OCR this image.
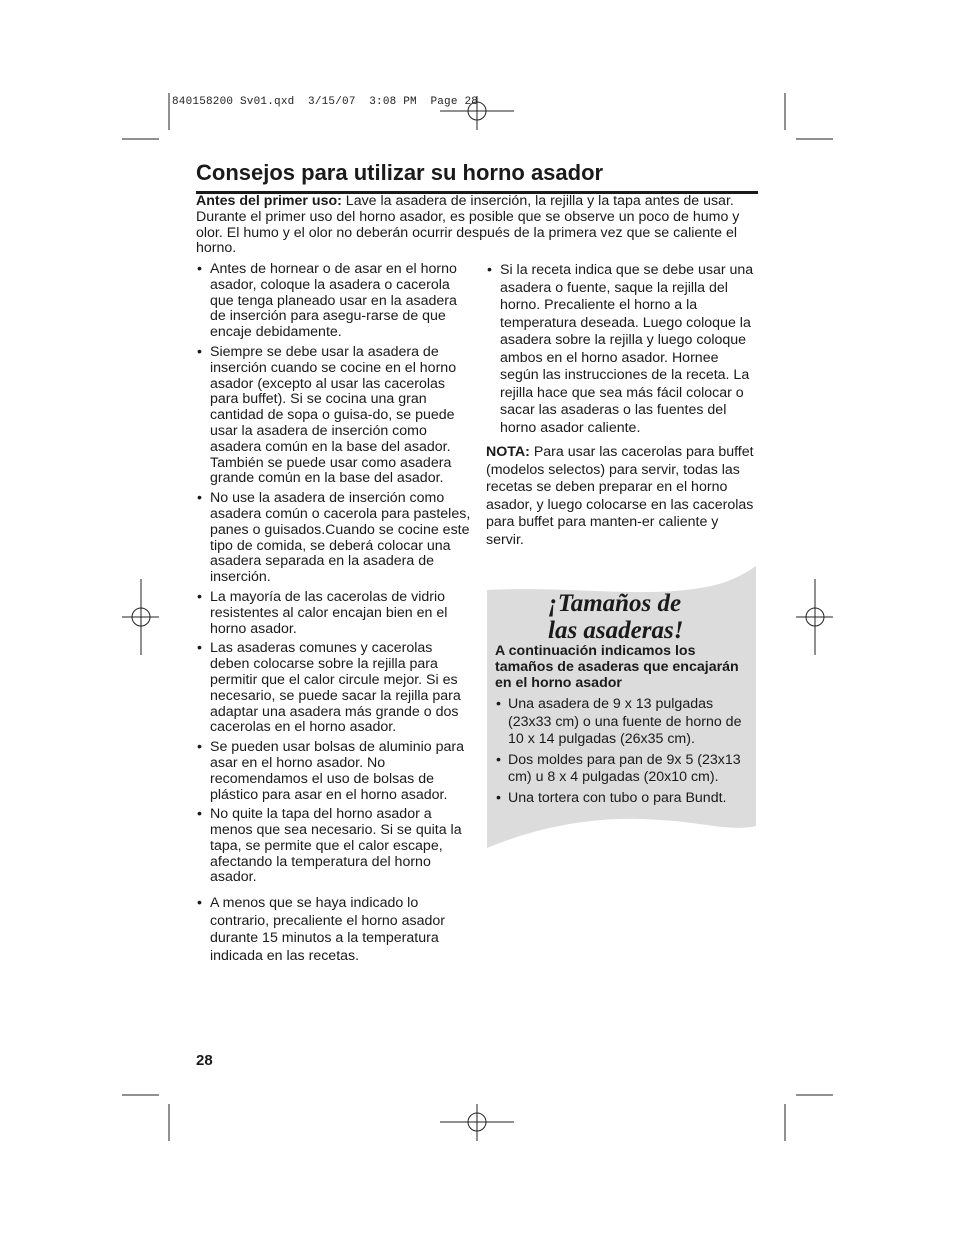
840158200 Sv01.qxd  3/15/07  3:08 PM  Page 28
Consejos para utilizar su horno asador

Antes del primer uso: Lave la asadera de inserción, la rejilla y la tapa antes de usar. Durante el primer uso del horno asador, es posible que se observe un poco de humo y olor. El humo y el olor no deberán ocurrir después de la primera vez que se caliente el horno.

• Antes de hornear o de asar en el horno asador, coloque la asadera o cacerola que tenga planeado usar en la asadera de inserción para asegu-rarse de que encaje debidamente.
• Siempre se debe usar la asadera de inserción cuando se cocine en el horno asador (excepto al usar las cacerolas para buffet). Si se cocina una gran cantidad de sopa o guisa-do, se puede usar la asadera de inserción como asadera común en la base del asador. También se puede usar como asadera grande común en la base del asador.
• No use la asadera de inserción como asadera común o cacerola para pasteles, panes o guisados.Cuando se cocine este tipo de comida, se deberá colocar una asadera separada en la asadera de inserción.
• La mayoría de las cacerolas de vidrio resistentes al calor encajan bien en el horno asador.
• Las asaderas comunes y cacerolas deben colocarse sobre la rejilla para permitir que el calor circule mejor. Si es necesario, se puede sacar la rejilla para adaptar una asadera más grande o dos cacerolas en el horno asador.
• Se pueden usar bolsas de aluminio para asar en el horno asador. No recomendamos el uso de bolsas de plástico para asar en el horno asador.
• No quite la tapa del horno asador a menos que sea necesario. Si se quita la tapa, se permite que el calor escape, afectando la temperatura del horno asador.
• A menos que se haya indicado lo contrario, precaliente el horno asador durante 15 minutos a la temperatura indicada en las recetas.
• Si la receta indica que se debe usar una asadera o fuente, saque la rejilla del horno. Precaliente el horno a la temperatura deseada. Luego coloque la asadera sobre la rejilla y luego coloque ambos en el horno asador. Hornee según las instrucciones de la receta. La rejilla hace que sea más fácil colocar o sacar las asaderas o las fuentes del horno asador caliente.

NOTA: Para usar las cacerolas para buffet (modelos selectos) para servir, todas las recetas se deben preparar en el horno asador, y luego colocarse en las cacerolas para buffet para manten-er caliente y servir.

¡Tamaños de
las asaderas!

A continuación indicamos los tamaños de asaderas que encajarán en el horno asador

• Una asadera de 9 x 13 pulgadas (23x33 cm) o una fuente de horno de 10 x 14 pulgadas (26x35 cm).
• Dos moldes para pan de 9x 5 (23x13 cm) u 8 x 4 pulgadas (20x10 cm).
• Una tortera con tubo o para Bundt.
28
